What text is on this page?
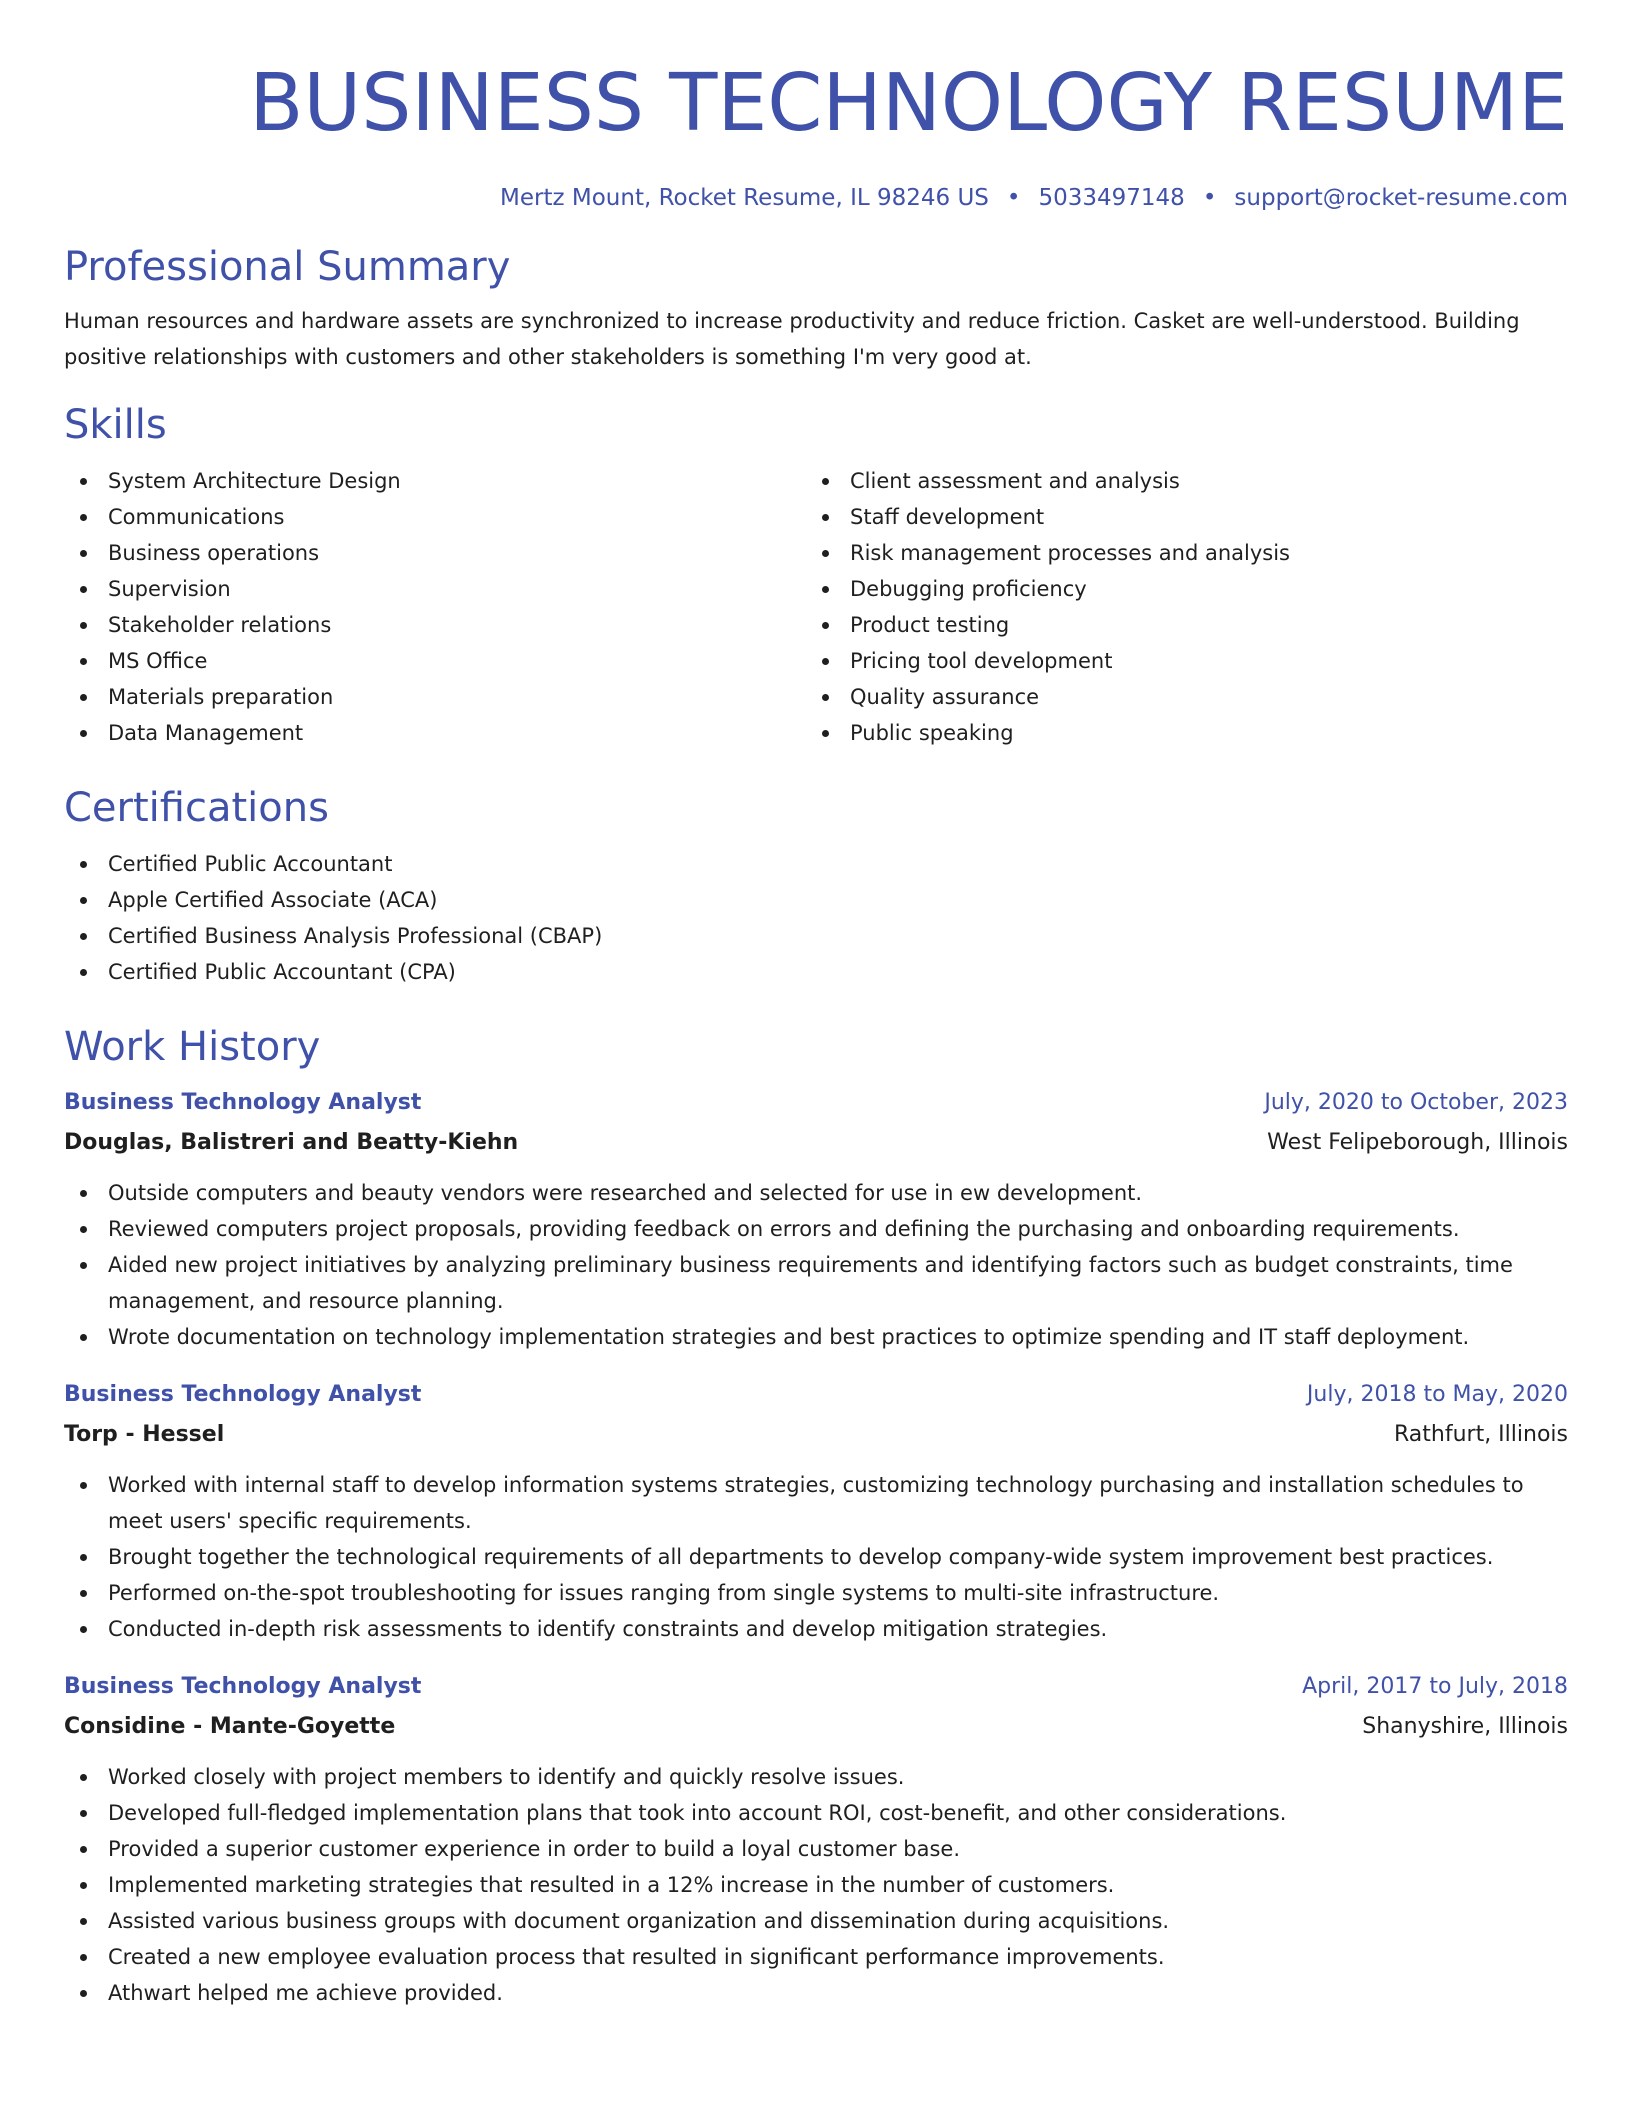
BUSINESS TECHNOLOGY RESUME
Mertz Mount, Rocket Resume, IL 98246 US • 5033497148 • support@rocket-resume.com
Professional Summary

Human resources and hardware assets are synchronized to increase productivity and reduce friction. Casket are well-understood. Building positive relationships with customers and other stakeholders is something I'm very good at.

Skills
System Architecture Design
Communications
Business operations
Supervision
Stakeholder relations
MS Office
Materials preparation
Data Management
Client assessment and analysis
Staff development
Risk management processes and analysis
Debugging proficiency
Product testing
Pricing tool development
Quality assurance
Public speaking
Certifications
Certified Public Accountant
Apple Certified Associate (ACA)
Certified Business Analysis Professional (CBAP)
Certified Public Accountant (CPA)
Work History
Business Technology Analyst	July, 2020 to October, 2023
Douglas, Balistreri and Beatty-Kiehn	West Felipeborough, Illinois
Outside computers and beauty vendors were researched and selected for use in ew development.
Reviewed computers project proposals, providing feedback on errors and defining the purchasing and onboarding requirements.
Aided new project initiatives by analyzing preliminary business requirements and identifying factors such as budget constraints, time management, and resource planning.
Wrote documentation on technology implementation strategies and best practices to optimize spending and IT staff deployment.
Business Technology Analyst	July, 2018 to May, 2020
Torp - Hessel	Rathfurt, Illinois
Worked with internal staff to develop information systems strategies, customizing technology purchasing and installation schedules to meet users' specific requirements.
Brought together the technological requirements of all departments to develop company-wide system improvement best practices.
Performed on-the-spot troubleshooting for issues ranging from single systems to multi-site infrastructure.
Conducted in-depth risk assessments to identify constraints and develop mitigation strategies.
Business Technology Analyst	April, 2017 to July, 2018
Considine - Mante-Goyette	Shanyshire, Illinois
Worked closely with project members to identify and quickly resolve issues.
Developed full-fledged implementation plans that took into account ROI, cost-benefit, and other considerations.
Provided a superior customer experience in order to build a loyal customer base.
Implemented marketing strategies that resulted in a 12% increase in the number of customers.
Assisted various business groups with document organization and dissemination during acquisitions.
Created a new employee evaluation process that resulted in significant performance improvements.
Athwart helped me achieve provided.
